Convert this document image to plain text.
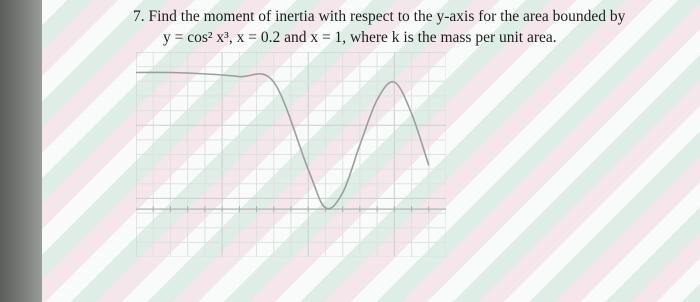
7. Find the moment of inertia with respect to the y-axis for the area bounded by
y = cos² x³, x = 0.2 and x = 1, where k is the mass per unit area.
